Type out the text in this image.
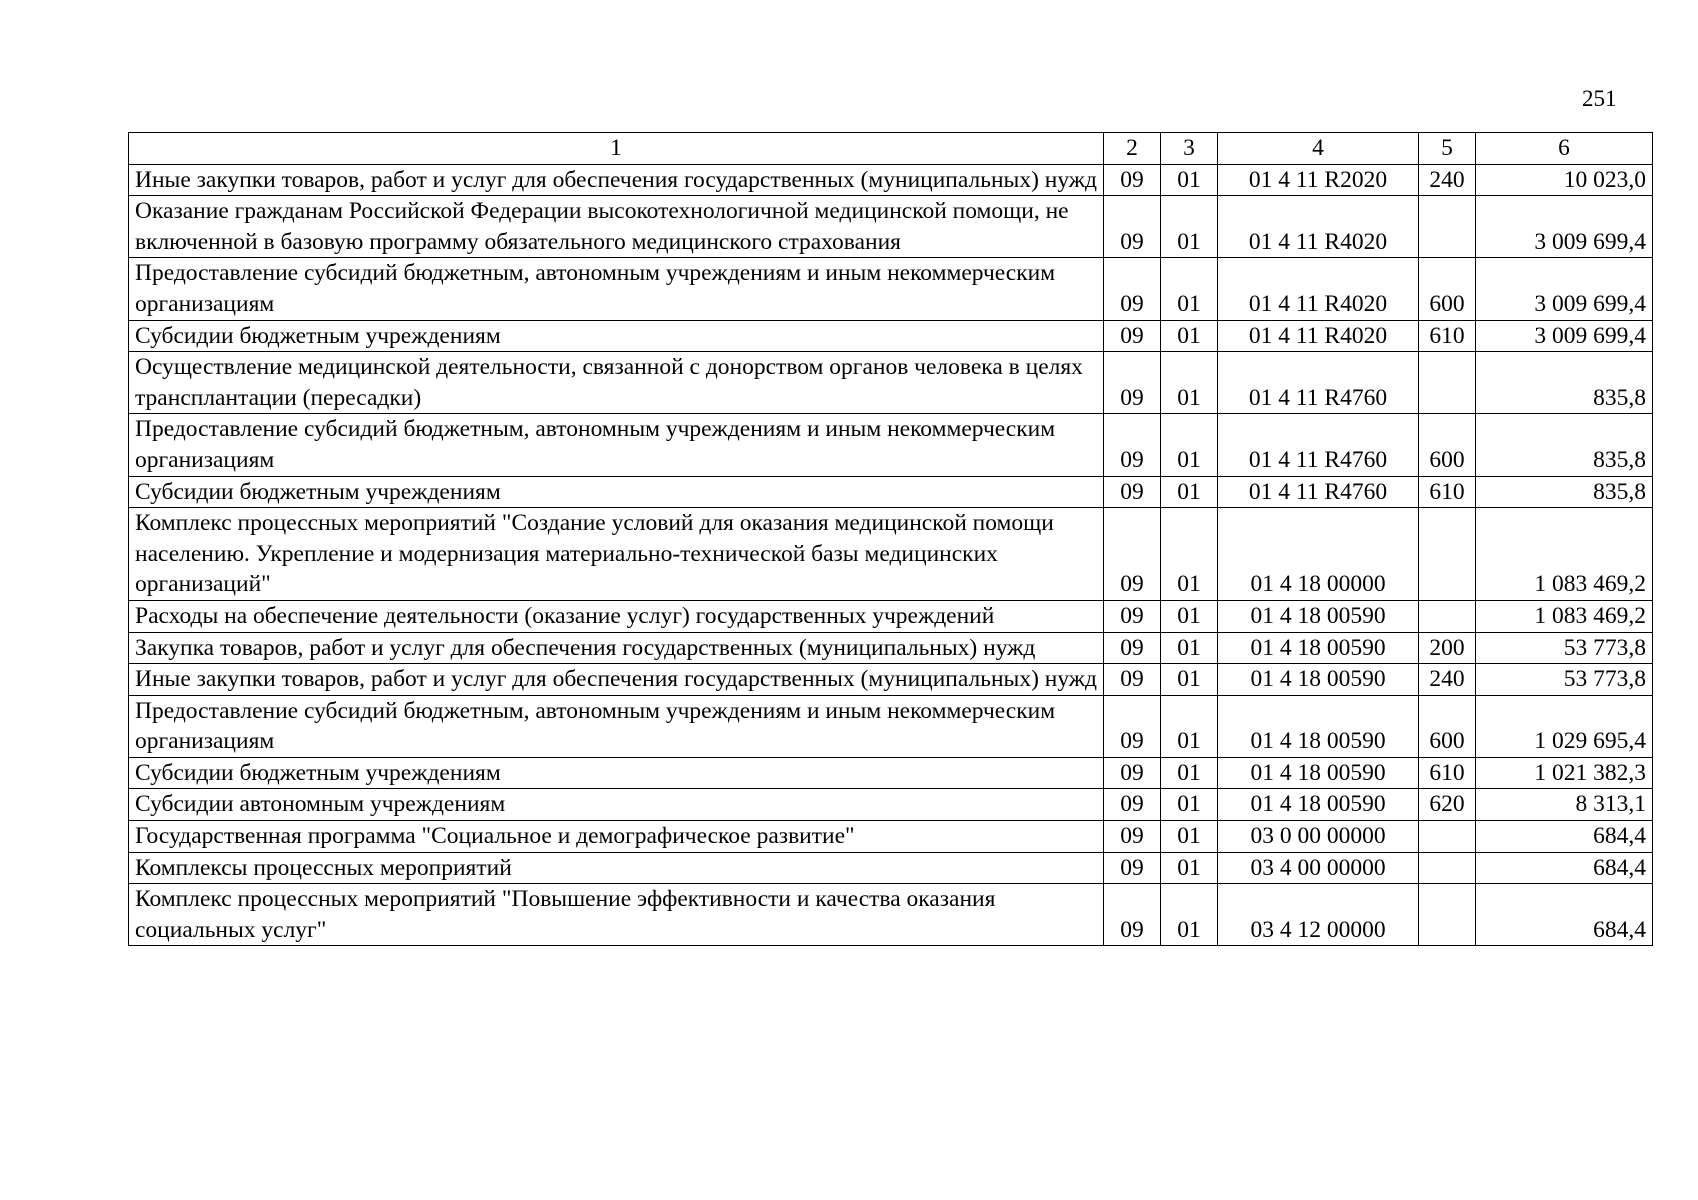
251
1	2	3	4	5	6
Иные закупки товаров, работ и услуг для обеспечения государственных (муниципальных) нужд	09	01	01 4 11 R2020	240	10 023,0
Оказание гражданам Российской Федерации высокотехнологичной медицинской помощи, не включенной в базовую программу обязательного медицинского страхования	09	01	01 4 11 R4020		3 009 699,4
Предоставление субсидий бюджетным, автономным учреждениям и иным некоммерческим организациям	09	01	01 4 11 R4020	600	3 009 699,4
Субсидии бюджетным учреждениям	09	01	01 4 11 R4020	610	3 009 699,4
Осуществление медицинской деятельности, связанной с донорством органов человека в целях трансплантации (пересадки)	09	01	01 4 11 R4760		835,8
Предоставление субсидий бюджетным, автономным учреждениям и иным некоммерческим организациям	09	01	01 4 11 R4760	600	835,8
Субсидии бюджетным учреждениям	09	01	01 4 11 R4760	610	835,8
Комплекс процессных мероприятий "Создание условий для оказания медицинской помощи населению. Укрепление и модернизация материально-технической базы медицинских организаций"	09	01	01 4 18 00000		1 083 469,2
Расходы на обеспечение деятельности (оказание услуг) государственных учреждений	09	01	01 4 18 00590		1 083 469,2
Закупка товаров, работ и услуг для обеспечения государственных (муниципальных) нужд	09	01	01 4 18 00590	200	53 773,8
Иные закупки товаров, работ и услуг для обеспечения государственных (муниципальных) нужд	09	01	01 4 18 00590	240	53 773,8
Предоставление субсидий бюджетным, автономным учреждениям и иным некоммерческим организациям	09	01	01 4 18 00590	600	1 029 695,4
Субсидии бюджетным учреждениям	09	01	01 4 18 00590	610	1 021 382,3
Субсидии автономным учреждениям	09	01	01 4 18 00590	620	8 313,1
Государственная программа "Социальное и демографическое развитие"	09	01	03 0 00 00000		684,4
Комплексы процессных мероприятий	09	01	03 4 00 00000		684,4
Комплекс процессных мероприятий "Повышение эффективности и качества оказания социальных услуг"	09	01	03 4 12 00000		684,4
